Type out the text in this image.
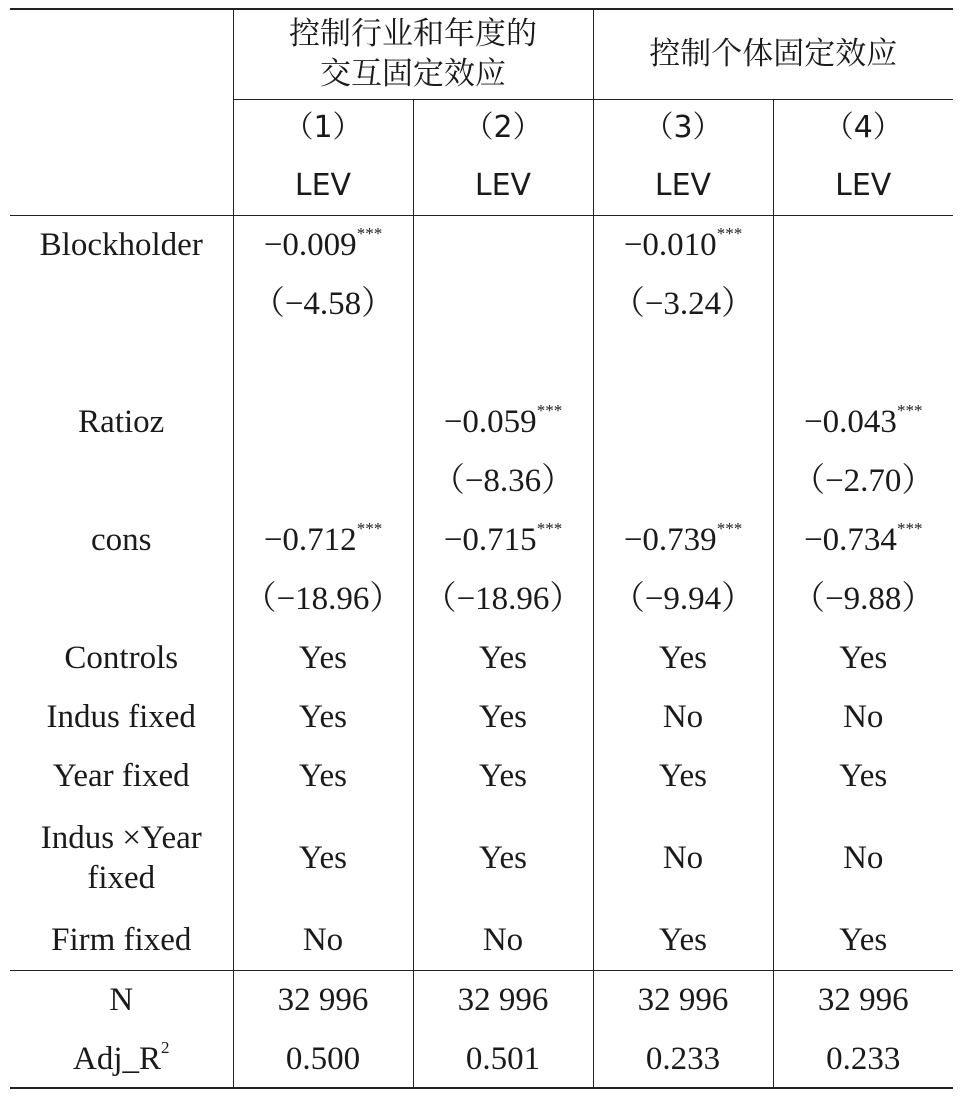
	控制行业和年度的
交互固定效应		控制个体固定效应	
	（1）	（2）	（3）	（4）
	LEV	LEV	LEV	LEV
Blockholder	−0.009***		−0.010***	
	（−4.58）		（−3.24）	

Ratioz		−0.059***		−0.043***
		（−8.36）		（−2.70）
cons	−0.712***	−0.715***	−0.739***	−0.734***
	（−18.96）	（−18.96）	（−9.94）	（−9.88）
Controls	Yes	Yes	Yes	Yes
Indus fixed	Yes	Yes	No	No
Year fixed	Yes	Yes	Yes	Yes

Indus ×Year
fixed	Yes	Yes	No	No
Firm fixed	No	No	Yes	Yes
N	32 996	32 996	32 996	32 996
$Adj\_R^2$	0.500	0.501	0.233	0.233
